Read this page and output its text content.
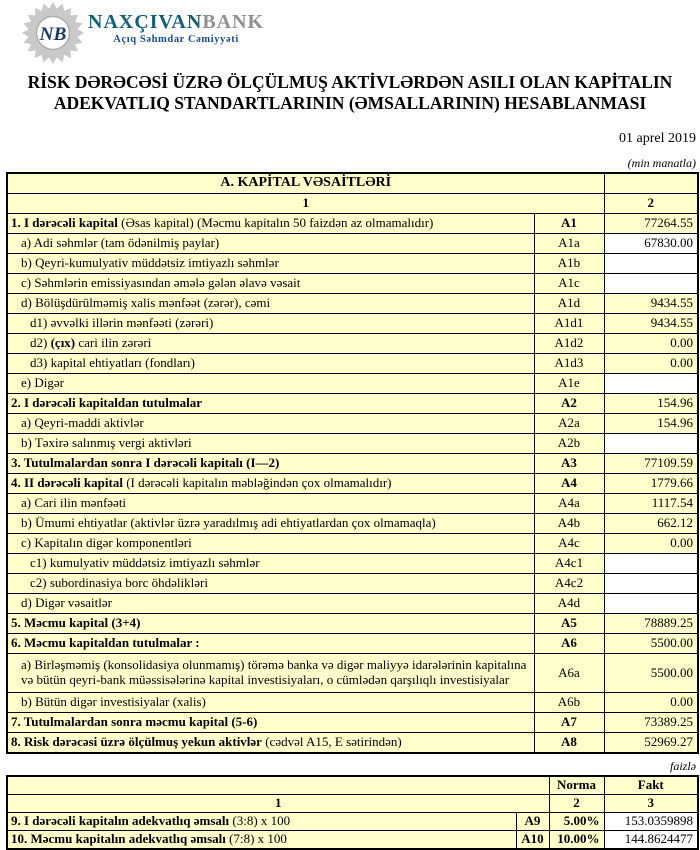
NB
NAXÇIVANBANK
Açıq Səhmdar Cəmiyyəti
RİSK DƏRƏCƏSİ ÜZRƏ ÖLÇÜLMUŞ AKTİVLƏRDƏN ASILI OLAN KAPİTALIN
ADEKVATLIQ STANDARTLARININ (ƏMSALLARININ) HESABLANMASI
01 aprel 2019
(min manatla)
A. KAPİTAL VƏSAİTLƏRİ		
1		2
1. I dərəcəli kapital (Əsas kapital) (Məcmu kapitalın 50 faizdən az olmamalıdır)	A1	77264.55
a) Adi səhmlər (tam ödənilmiş paylar)	A1a	67830.00
b) Qeyri-kumulyativ müddətsiz imtiyazlı səhmlər	A1b	
c) Səhmlərin emissiyasından əmələ gələn əlavə vəsait	A1c	
d) Bölüşdürülməmiş xalis mənfəət (zərər), cəmi	A1d	9434.55
d1) əvvəlki illərin mənfəəti (zərəri)	A1d1	9434.55
d2) (çıx) cari ilin zərəri	A1d2	0.00
d3) kapital ehtiyatları (fondları)	A1d3	0.00
e) Digər	A1e	
2. I dərəcəli kapitaldan tutulmalar	A2	154.96
a) Qeyri-maddi aktivlər	A2a	154.96
b) Təxirə salınmış vergi aktivləri	A2b	
3. Tutulmalardan sonra I dərəcəli kapitalı (I—2)	A3	77109.59
4. II dərəcəli kapital (I dərəcəli kapitalın məbləğindən çox olmamalıdır)	A4	1779.66
a) Cari ilin mənfəəti	A4a	1117.54
b) Ümumi ehtiyatlar (aktivlər üzrə yaradılmış adi ehtiyatlardan çox olmamaqla)	A4b	662.12
c) Kapitalın digər komponentləri	A4c	0.00
c1) kumulyativ müddətsiz imtiyazlı səhmlər	A4c1	
c2) subordinasiya borc öhdəlikləri	A4c2	
d) Digər vəsaitlər	A4d	
5. Məcmu kapital (3+4)	A5	78889.25
6. Məcmu kapitaldan tutulmalar :	A6	5500.00
a) Birləşməmiş (konsolidasiya olunmamış) törəmə banka və digər maliyyə idarələrinin kapitalına və bütün qeyri-bank müəssisələrinə kapital investisiyaları, o cümlədən qarşılıqlı investisiyalar	A6a	5500.00
b) Bütün digər investisiyalar (xalis)	A6b	0.00
7. Tutulmalardan sonra məcmu kapital (5-6)	A7	73389.25
8. Risk dərəcəsi üzrə ölçülmuş yekun aktivlər (cədvəl A15, E sətirindən)	A8	52969.27
faizlə
		Norma	Fakt
1		2	3
9. I dərəcəli kapitalın adekvatlıq əmsalı (3:8) x 100	A9	5.00%	153.0359898
10. Məcmu kapitalın adekvatlıq əmsalı (7:8) x 100	A10	10.00%	144.8624477
